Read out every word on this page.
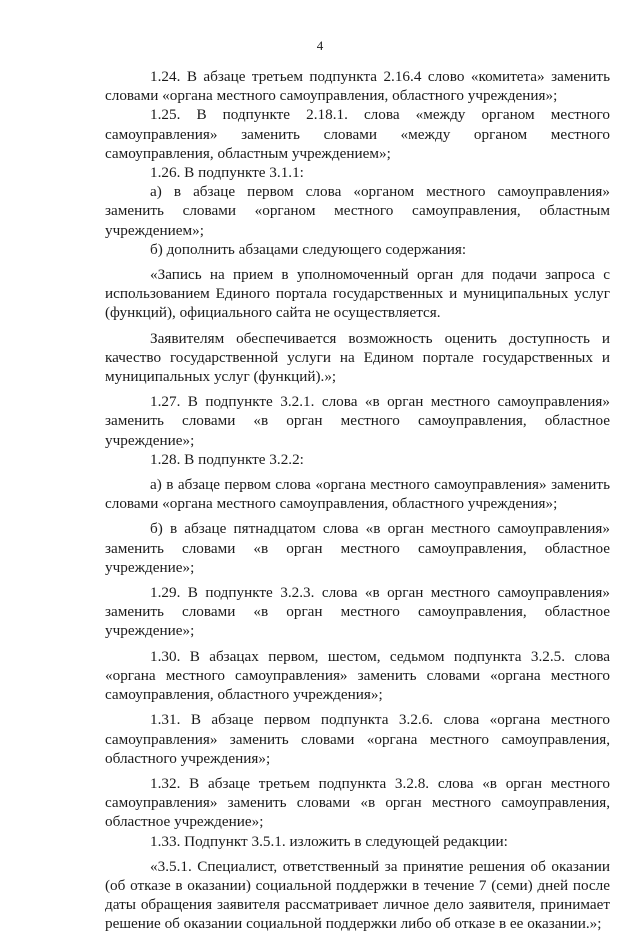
4

1.24. В абзаце третьем подпункта 2.16.4 слово «комитета» заменить словами «органа местного самоуправления, областного учреждения»;

1.25. В подпункте 2.18.1. слова «между органом местного самоуправления» заменить словами «между органом местного самоуправления, областным учреждением»;

1.26. В подпункте 3.1.1:

а) в абзаце первом слова «органом местного самоуправления» заменить словами «органом местного самоуправления, областным учреждением»;

б) дополнить абзацами следующего содержания:

«Запись на прием в уполномоченный орган для подачи запроса с использованием Единого портала государственных и муниципальных услуг (функций), официального сайта не осуществляется.

Заявителям обеспечивается возможность оценить доступность и качество государственной услуги на Едином портале государственных и муниципальных услуг (функций).»;

1.27. В подпункте 3.2.1. слова «в орган местного самоуправления» заменить словами «в орган местного самоуправления, областное учреждение»;

1.28. В подпункте 3.2.2:

а) в абзаце первом слова «органа местного самоуправления» заменить словами «органа местного самоуправления, областного учреждения»;

б) в абзаце пятнадцатом слова «в орган местного самоуправления» заменить словами «в орган местного самоуправления, областное учреждение»;

1.29. В подпункте 3.2.3. слова «в орган местного самоуправления» заменить словами «в орган местного самоуправления, областное учреждение»;

1.30. В абзацах первом, шестом, седьмом подпункта 3.2.5. слова «органа местного самоуправления» заменить словами «органа местного самоуправления, областного учреждения»;

1.31. В абзаце первом подпункта 3.2.6. слова «органа местного самоуправления» заменить словами «органа местного самоуправления, областного учреждения»;

1.32. В абзаце третьем подпункта 3.2.8. слова «в орган местного самоуправления» заменить словами «в орган местного самоуправления, областное учреждение»;

1.33. Подпункт 3.5.1. изложить в следующей редакции:

«3.5.1. Специалист, ответственный за принятие решения об оказании (об отказе в оказании) социальной поддержки в течение 7 (семи) дней после даты обращения заявителя рассматривает личное дело заявителя, принимает решение об оказании социальной поддержки либо об отказе в ее оказании.»;
